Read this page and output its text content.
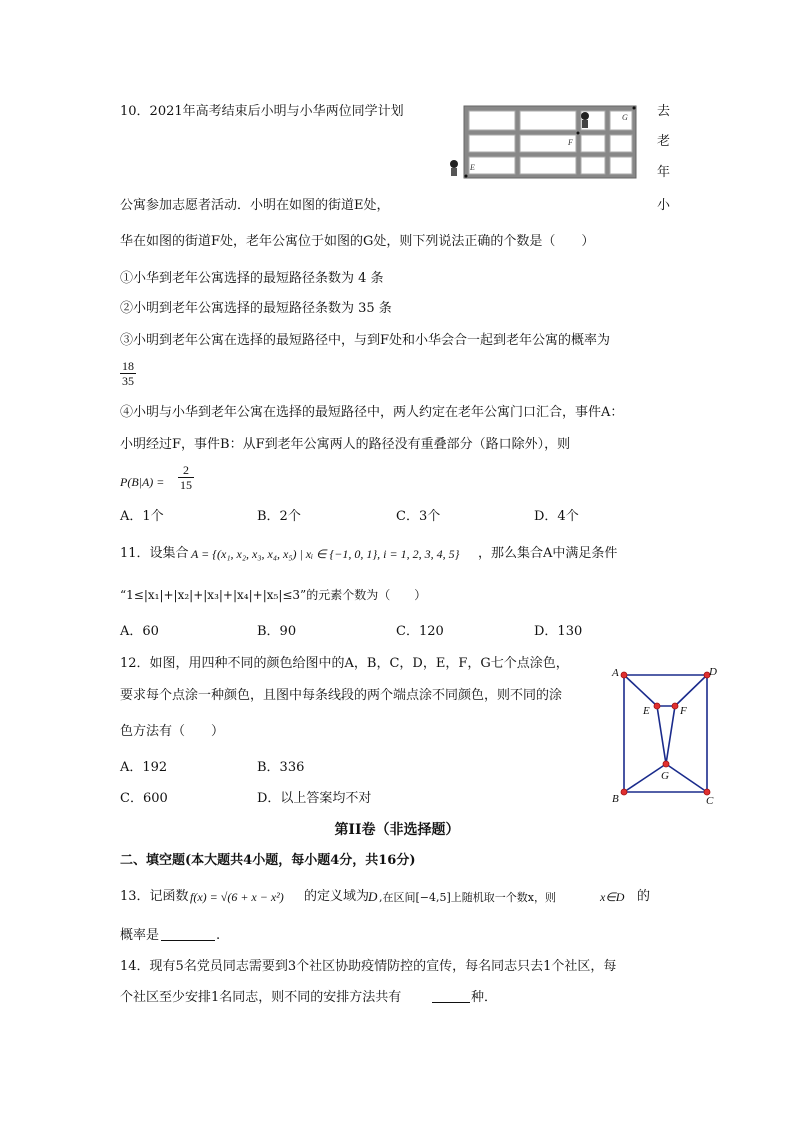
10．2021年高考结束后小明与小华两位同学计划
E
F
G 去
老
年
小
公寓参加志愿者活动．小明在如图的街道E处，
华在如图的街道F处，老年公寓位于如图的G处，则下列说法正确的个数是（　　）
①小华到老年公寓选择的最短路径条数为 4 条
②小明到老年公寓选择的最短路径条数为 35 条
③小明到老年公寓在选择的最短路径中，与到F处和小华会合一起到老年公寓的概率为
18
35
④小明与小华到老年公寓在选择的最短路径中，两人约定在老年公寓门口汇合，事件A：
小明经过F，事件B：从F到老年公寓两人的路径没有重叠部分（路口除外），则
P(B|A) =
2
15
A．1个	B．2个	C．3个	D．4个
11．设集合 A = {(x₁, x₂, x₃, x₄, x₅) | xᵢ ∈ {−1, 0, 1}, i = 1, 2, 3, 4, 5} ，那么集合A中满足条件
“1≤|x₁|+|x₂|+|x₃|+|x₄|+|x₅|≤3”的元素个数为（　　）
A．60	B．90	C．120	D．130
12．如图，用四种不同的颜色给图中的A，B，C，D，E，F，G七个点涂色，
要求每个点涂一种颜色，且图中每条线段的两个端点涂不同颜色，则不同的涂
色方法有（　　）
A．192	B．336
C．600	D．以上答案均不对
A
B	C
D
E	F
G
第II卷（非选择题）
二、填空题(本大题共4小题，每小题4分，共16分)
13．记函数 f(x) = √(6 + x − x²) 的定义域为
D ,在区间[−4,5]上随机取一个数x，则	x∈D 的
概率是	.
14．现有5名党员同志需要到3个社区协助疫情防控的宣传，每名同志只去1个社区，每
个社区至少安排1名同志，则不同的安排方法共有	种．
